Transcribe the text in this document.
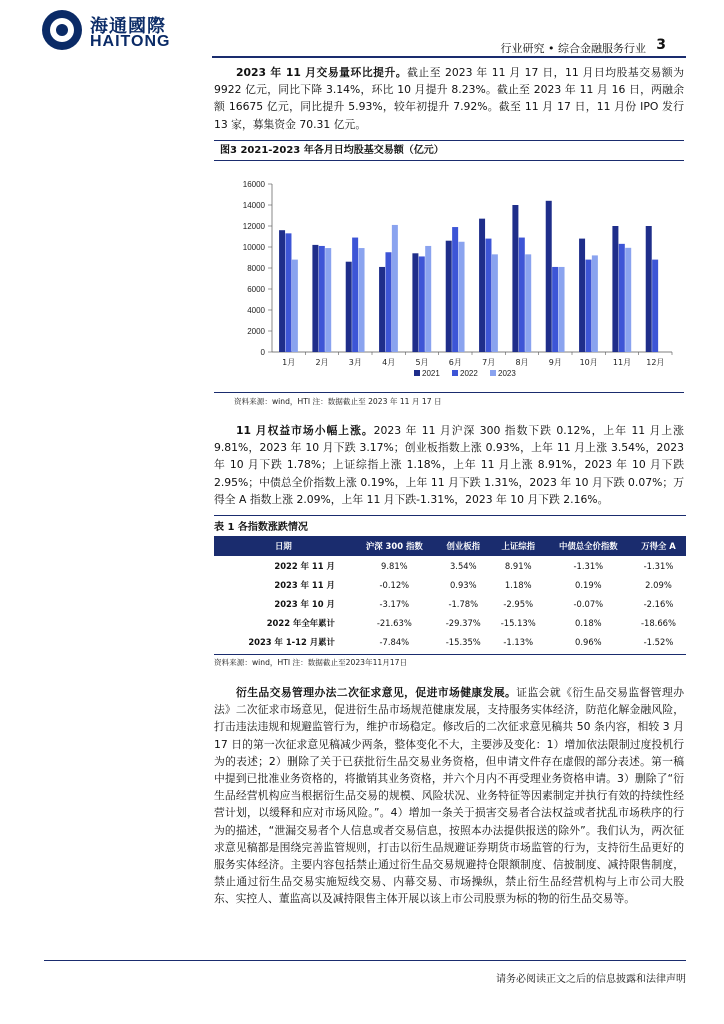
海通國際
HAITONG	行业研究 • 综合金融服务行业 3
2023 年 11 月交易量环比提升。截止至 2023 年 11 月 17 日，11 月日均股基交易额为 9922 亿元，同比下降 3.14%，环比 10 月提升 8.23%。截止至 2023 年 11 月 16 日，两融余额 16675 亿元，同比提升 5.93%，较年初提升 7.92%。截至 11 月 17 日，11 月份 IPO 发行 13 家，募集资金 70.31 亿元。
图3 2021-2023 年各月日均股基交易额（亿元）
0
2000
4000
6000
8000
10000
12000
14000
16000
1月	2月	3月	4月	5月	6月	7月	8月	9月 10月 11月 12月
2021	2022	2023
资料来源：wind，HTI 注：数据截止至 2023 年 11 月 17 日
11 月权益市场小幅上涨。2023 年 11 月沪深 300 指数下跌 0.12%，上年 11 月上涨 9.81%，2023 年 10 月下跌 3.17%；创业板指数上涨 0.93%，上年 11 月上涨 3.54%，2023 年 10 月下跌 1.78%；上证综指上涨 1.18%，上年 11 月上涨 8.91%，2023 年 10 月下跌 2.95%；中债总全价指数上涨 0.19%，上年 11 月下跌 1.31%，2023 年 10 月下跌 0.07%；万得全 A 指数上涨 2.09%，上年 11 月下跌-1.31%，2023 年 10 月下跌 2.16%。
表 1 各指数涨跌情况
日期	沪深 300 指数	创业板指	上证综指	中债总全价指数	万得全 A
2022 年 11 月	9.81%	3.54%	8.91%	-1.31%	-1.31%
2023 年 11 月	-0.12%	0.93%	1.18%	0.19%	2.09%
2023 年 10 月	-3.17%	-1.78%	-2.95%	-0.07%	-2.16%
2022 年全年累计	-21.63%	-29.37%	-15.13%	0.18%	-18.66%
2023 年 1-12 月累计	-7.84%	-15.35%	-1.13%	0.96%	-1.52%
资料来源：wind，HTI 注：数据截止至2023年11月17日
衍生品交易管理办法二次征求意见，促进市场健康发展。证监会就《衍生品交易监督管理办法》二次征求市场意见，促进衍生品市场规范健康发展，支持服务实体经济，防范化解金融风险，打击违法违规和规避监管行为，维护市场稳定。修改后的二次征求意见稿共 50 条内容，相较 3 月 17 日的第一次征求意见稿减少两条，整体变化不大，主要涉及变化：1）增加依法限制过度投机行为的表述；2）删除了关于已获批衍生品交易业务资格，但申请文件存在虚假的部分表述。第一稿中提到已批准业务资格的，将撤销其业务资格，并六个月内不再受理业务资格申请。3）删除了“衍生品经营机构应当根据衍生品交易的规模、风险状况、业务特征等因素制定并执行有效的持续性经营计划，以缓释和应对市场风险。”。4）增加一条关于损害交易者合法权益或者扰乱市场秩序的行为的描述，“泄漏交易者个人信息或者交易信息，按照本办法提供报送的除外”。我们认为，两次征求意见稿都是围绕完善监管规则，打击以衍生品规避证券期货市场监管的行为，支持衍生品更好的服务实体经济。主要内容包括禁止通过衍生品交易规避持仓限额制度、信披制度、减持限售制度，禁止通过衍生品交易实施短线交易、内幕交易、市场操纵，禁止衍生品经营机构与上市公司大股东、实控人、董监高以及减持限售主体开展以该上市公司股票为标的物的衍生品交易等。
请务必阅读正文之后的信息披露和法律声明
